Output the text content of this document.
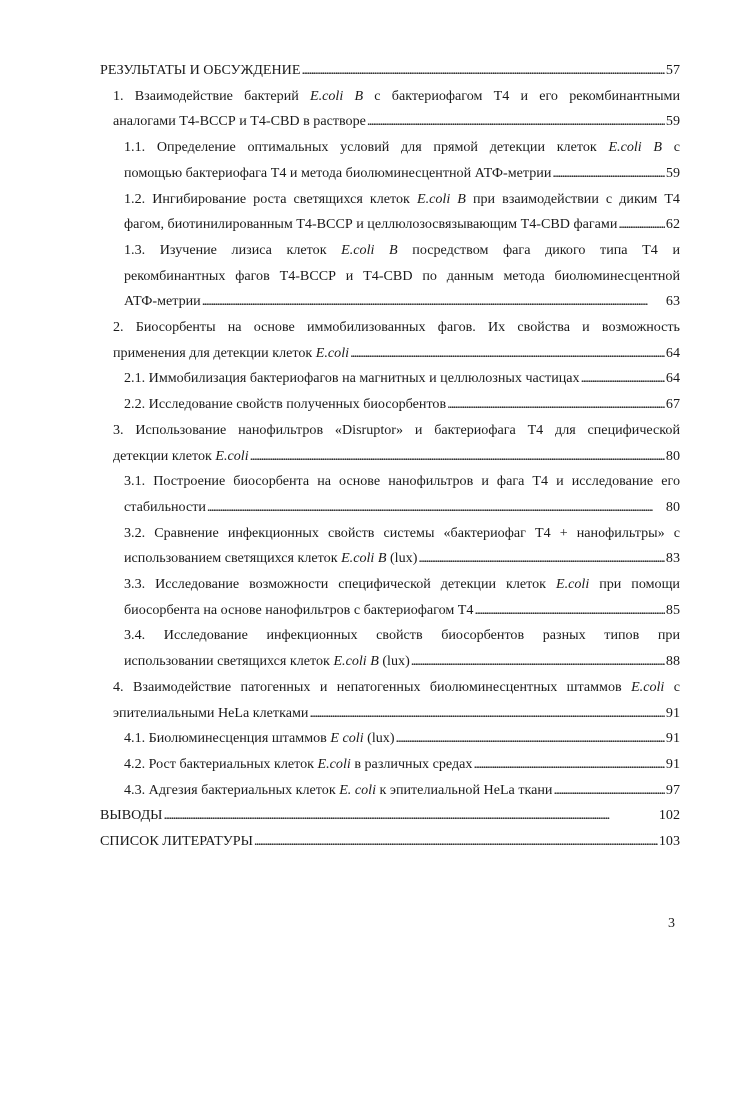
РЕЗУЛЬТАТЫ И ОБСУЖДЕНИЕ . . .	57
1. Взаимодействие бактерий E.coli B с бактериофагом Т4 и его рекомбинантными
аналогами Т4-ВССР и Т4-CBD в растворе . . .	59
1.1. Определение оптимальных условий для прямой детекции клеток E.coli B с
помощью бактериофага Т4 и метода биолюминесцентной АТФ-метрии . . .	59
1.2. Ингибирование роста светящихся клеток E.coli B при взаимодействии с диким Т4
фагом, биотинилированным Т4-ВССР и целлюлозосвязывающим Т4-CBD фагами . . .	62
1.3. Изучение лизиса клеток E.coli B посредством фага дикого типа Т4 и
рекомбинантных фагов Т4-ВССР и Т4-CBD по данным метода биолюминесцентной
АТФ-метрии . . .	63
2. Биосорбенты на основе иммобилизованных фагов. Их свойства и возможность
применения для детекции клеток E.coli . . .	64
2.1. Иммобилизация бактериофагов на магнитных и целлюлозных частицах . . .	64
2.2. Исследование свойств полученных биосорбентов . . .	67
3. Использование нанофильтров «Disruptor» и бактериофага Т4 для специфической
детекции клеток E.coli . . .	80
3.1. Построение биосорбента на основе нанофильтров и фага Т4 и исследование его
стабильности . . .	80
3.2. Сравнение инфекционных свойств системы «бактериофаг Т4 + нанофильтры» с
использованием светящихся клеток E.coli B (lux) . . .	83
3.3. Исследование возможности специфической детекции клеток E.coli при помощи
биосорбента на основе нанофильтров с бактериофагом Т4 . . .	85
3.4. Исследование инфекционных свойств биосорбентов разных типов при
использовании светящихся клеток E.coli B (lux) . . .	88
4. Взаимодействие патогенных и непатогенных биолюминесцентных штаммов E.coli с
эпителиальными HeLa клетками . . .	91
4.1. Биолюминесценция штаммов E coli (lux) . . .	91
4.2. Рост бактериальных клеток E.coli в различных средах . . .	91
4.3. Адгезия бактериальных клеток E. coli к эпителиальной HeLa ткани . . .	97
ВЫВОДЫ . . .	102
СПИСОК ЛИТЕРАТУРЫ . . .	103
3
